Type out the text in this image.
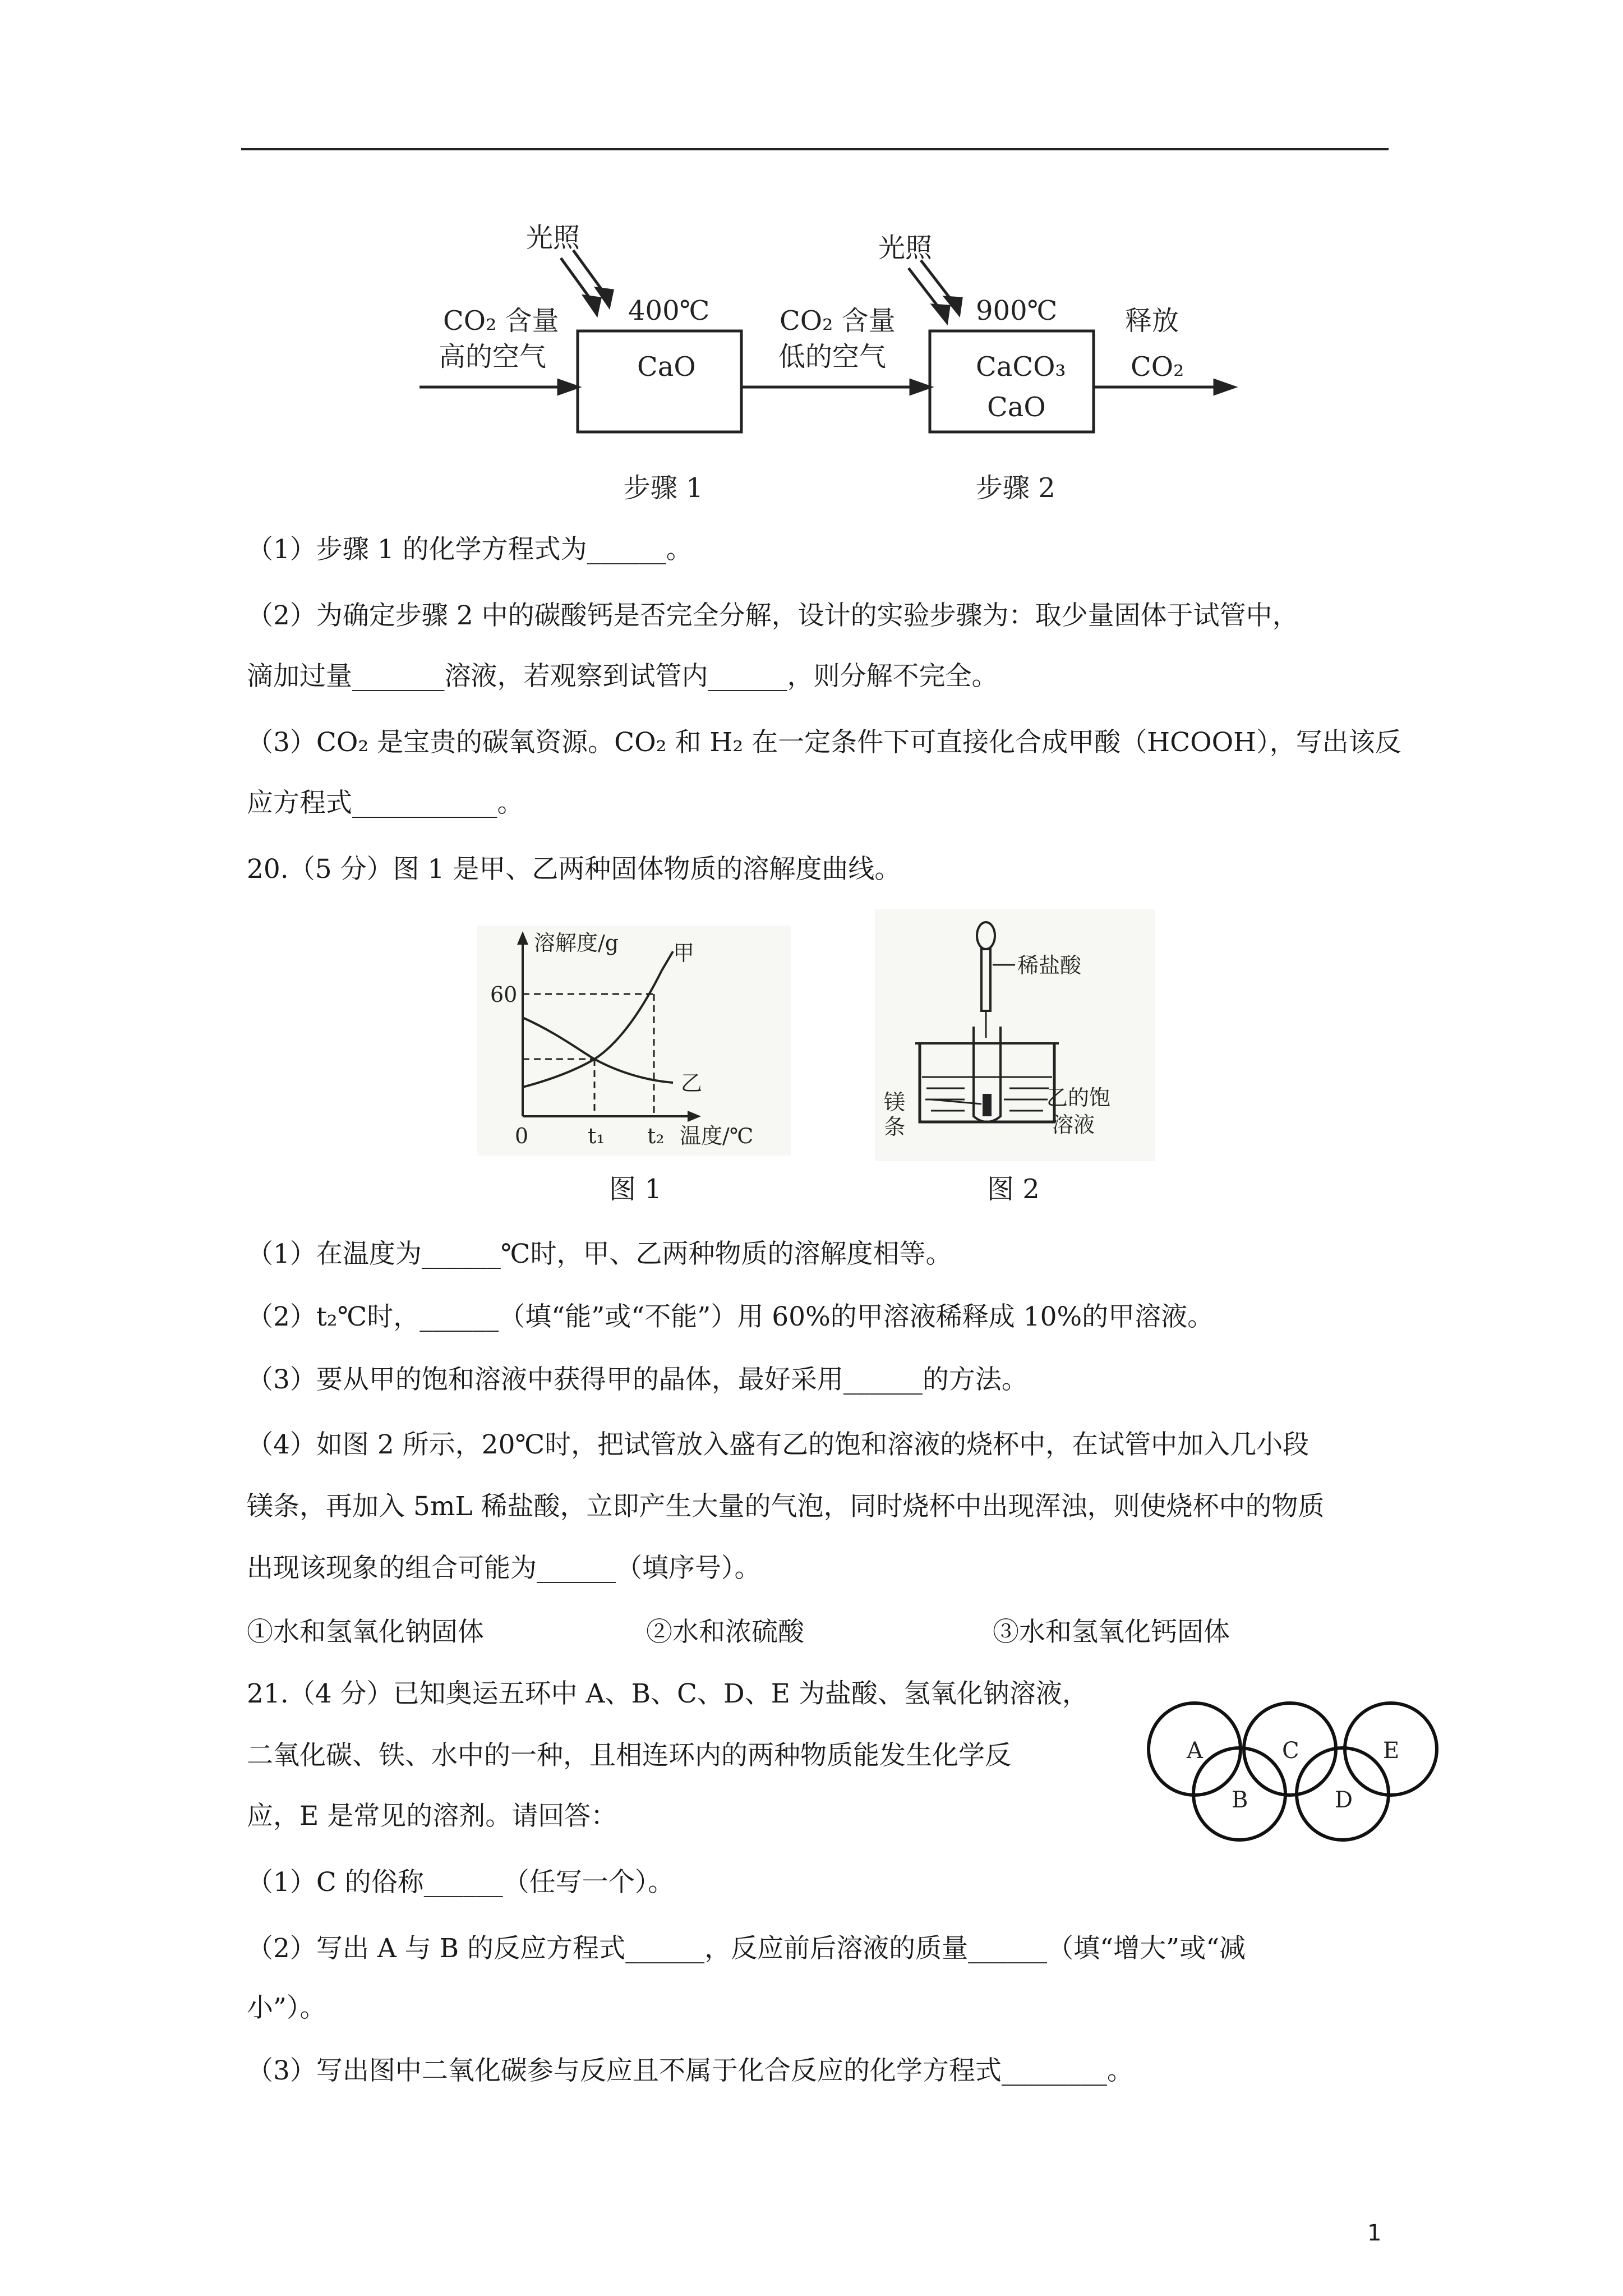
光照	光照
CO₂ 含量
高的空气
400℃
CaO
CO₂ 含量
低的空气
900℃
CaCO₃
CaO
释放
CO₂
步骤 1	步骤 2
（1）步骤 1 的化学方程式为______。
（2）为确定步骤 2 中的碳酸钙是否完全分解，设计的实验步骤为：取少量固体于试管中，
滴加过量_______溶液，若观察到试管内______，则分解不完全。
（3）CO₂ 是宝贵的碳氧资源。CO₂ 和 H₂ 在一定条件下可直接化合成甲酸（HCOOH），写出该反
应方程式___________。
20.（5 分）图 1 是甲、乙两种固体物质的溶解度曲线。
溶解度/g	甲
乙
60
0	t₁ t₂ 温度/℃
稀盐酸
镁
条
乙的饱
溶液
图 1	图 2
（1）在温度为______℃时，甲、乙两种物质的溶解度相等。
（2）t₂℃时，______（填“能”或“不能”）用 60%的甲溶液稀释成 10%的甲溶液。
（3）要从甲的饱和溶液中获得甲的晶体，最好采用______的方法。
（4）如图 2 所示，20℃时，把试管放入盛有乙的饱和溶液的烧杯中，在试管中加入几小段
镁条，再加入 5mL 稀盐酸，立即产生大量的气泡，同时烧杯中出现浑浊，则使烧杯中的物质
出现该现象的组合可能为______（填序号）。
①水和氢氧化钠固体	②水和浓硫酸	③水和氢氧化钙固体
21.（4 分）已知奥运五环中 A、B、C、D、E 为盐酸、氢氧化钠溶液，
二氧化碳、铁、水中的一种，且相连环内的两种物质能发生化学反
应，E 是常见的溶剂。请回答：
A	C	E
B	D
（1）C 的俗称______（任写一个）。
（2）写出 A 与 B 的反应方程式______，反应前后溶液的质量______（填“增大”或“减
小”）。
（3）写出图中二氧化碳参与反应且不属于化合反应的化学方程式________。
1
